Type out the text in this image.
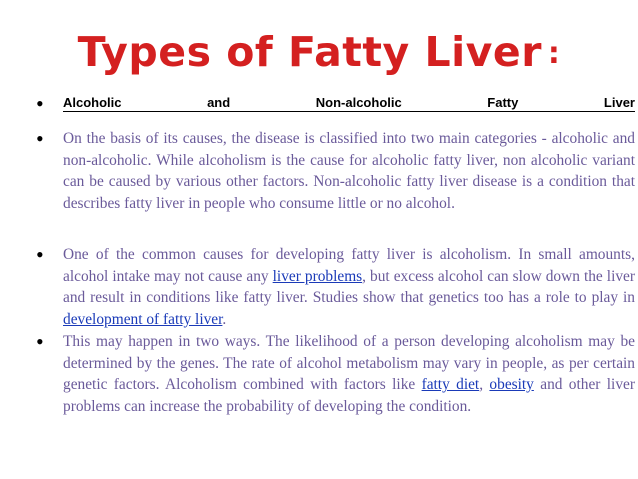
Types of Fatty Liver :
• Alcoholic	and	Non-alcoholic	Fatty	Liver
• On the basis of its causes, the disease is classified into two main categories - alcoholic and non-alcoholic. While alcoholism is the cause for alcoholic fatty liver, non alcoholic variant can be caused by various other factors. Non-alcoholic fatty liver disease is a condition that describes fatty liver in people who consume little or no alcohol.
• One of the common causes for developing fatty liver is alcoholism. In small amounts, alcohol intake may not cause any liver problems, but excess alcohol can slow down the liver and result in conditions like fatty liver. Studies show that genetics too has a role to play in development of fatty liver.
• This may happen in two ways. The likelihood of a person developing alcoholism may be determined by the genes. The rate of alcohol metabolism may vary in people, as per certain genetic factors. Alcoholism combined with factors like fatty diet, obesity and other liver problems can increase the probability of developing the condition.
